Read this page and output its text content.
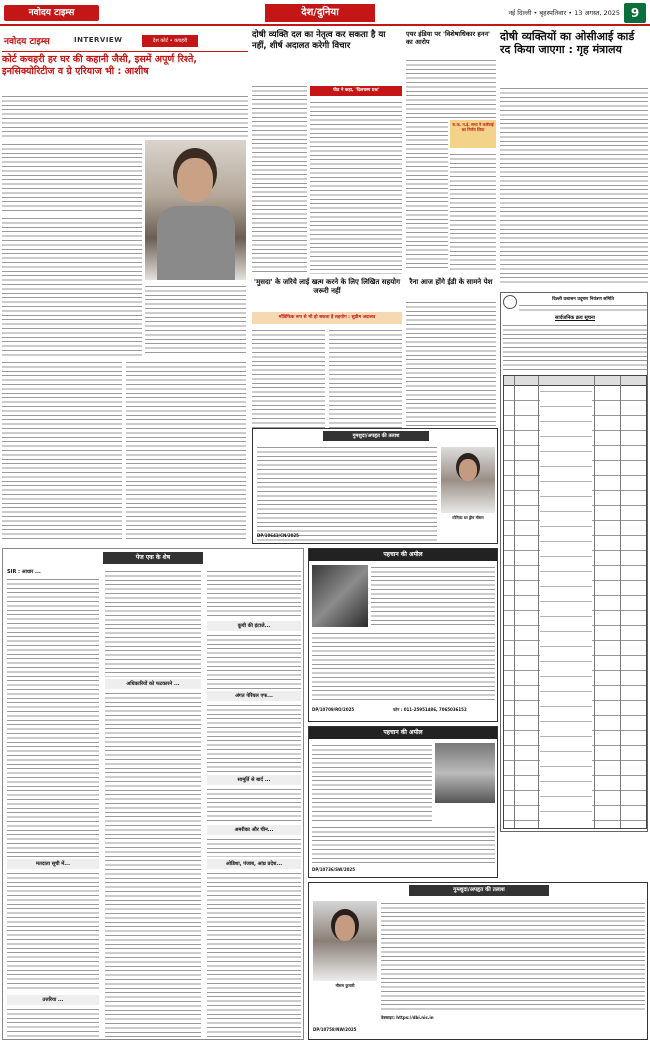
नवोदय टाइम्स	देश/दुनिया	नई दिल्ली • बृहस्पतिवार • 13 अगस्त, 2025 9
नवोदय टाइम्स	INTERVIEW	देश कोर्ट • कचहरी
कोर्ट कचहरी हर घर की कहानी जैसी, इसमें अपूर्ण रिश्ते, इनसिक्योरिटीज व ग्रे एरियाज भी : आशीष
दोषी व्यक्ति दल का नेतृत्व कर सकता है या नहीं, शीर्ष अदालत करेगी विचार
पीठ ने कहा, 'दिलचस्प प्रश्न'
एयर इंडिया पर 'विशेषाधिकार हनन' का आरोप
रा.ज. न.ई. सभा ने कार्रवाई का निर्णय लिया
दोषी व्यक्तियों का ओसीआई कार्ड रद किया जाएगा : गृह मंत्रालय
'मुसदा' के जरिये लाई खत्म करने के लिए लिखित सहयोग जरूरी नहीं
मॉडिफिक रूप से भी हो सकता है सहयोग : सुप्रीम अदालत
रैना आज होंगे ईडी के सामने पेश
दिल्ली प्रशासन प्रदूषण नियंत्रण समिति
सार्वजनिक क्रय सूचना
गुमशुदा/अपहृत की तलाश
मोनिका घर ड्रीम मौसम
DP/10643/CN/2025
पेज एक के शेष
SIR : आधार ...
मतदाता सूची में...
उत्तरिया ...
अधिकारियों को फटकारने ...
कूची की इंटाजे...
अंगत पेरिंयल एफ...
सामूर्ति से बार्द ...
अमरीका और चीन...
ओडिशा, पंजाब, आंध्र प्रदेश...
पहचान की अपील
DP/10709/RO/2025	फोन : 011-25951486, 7065036152
पहचान की अपील
DP/10736/SW/2025
गुमशुदा/अपहृत की तलाश
मौसम कुमारी
वेबसाइट: https://dbi.nic.in
DP/10758/NW/2025
